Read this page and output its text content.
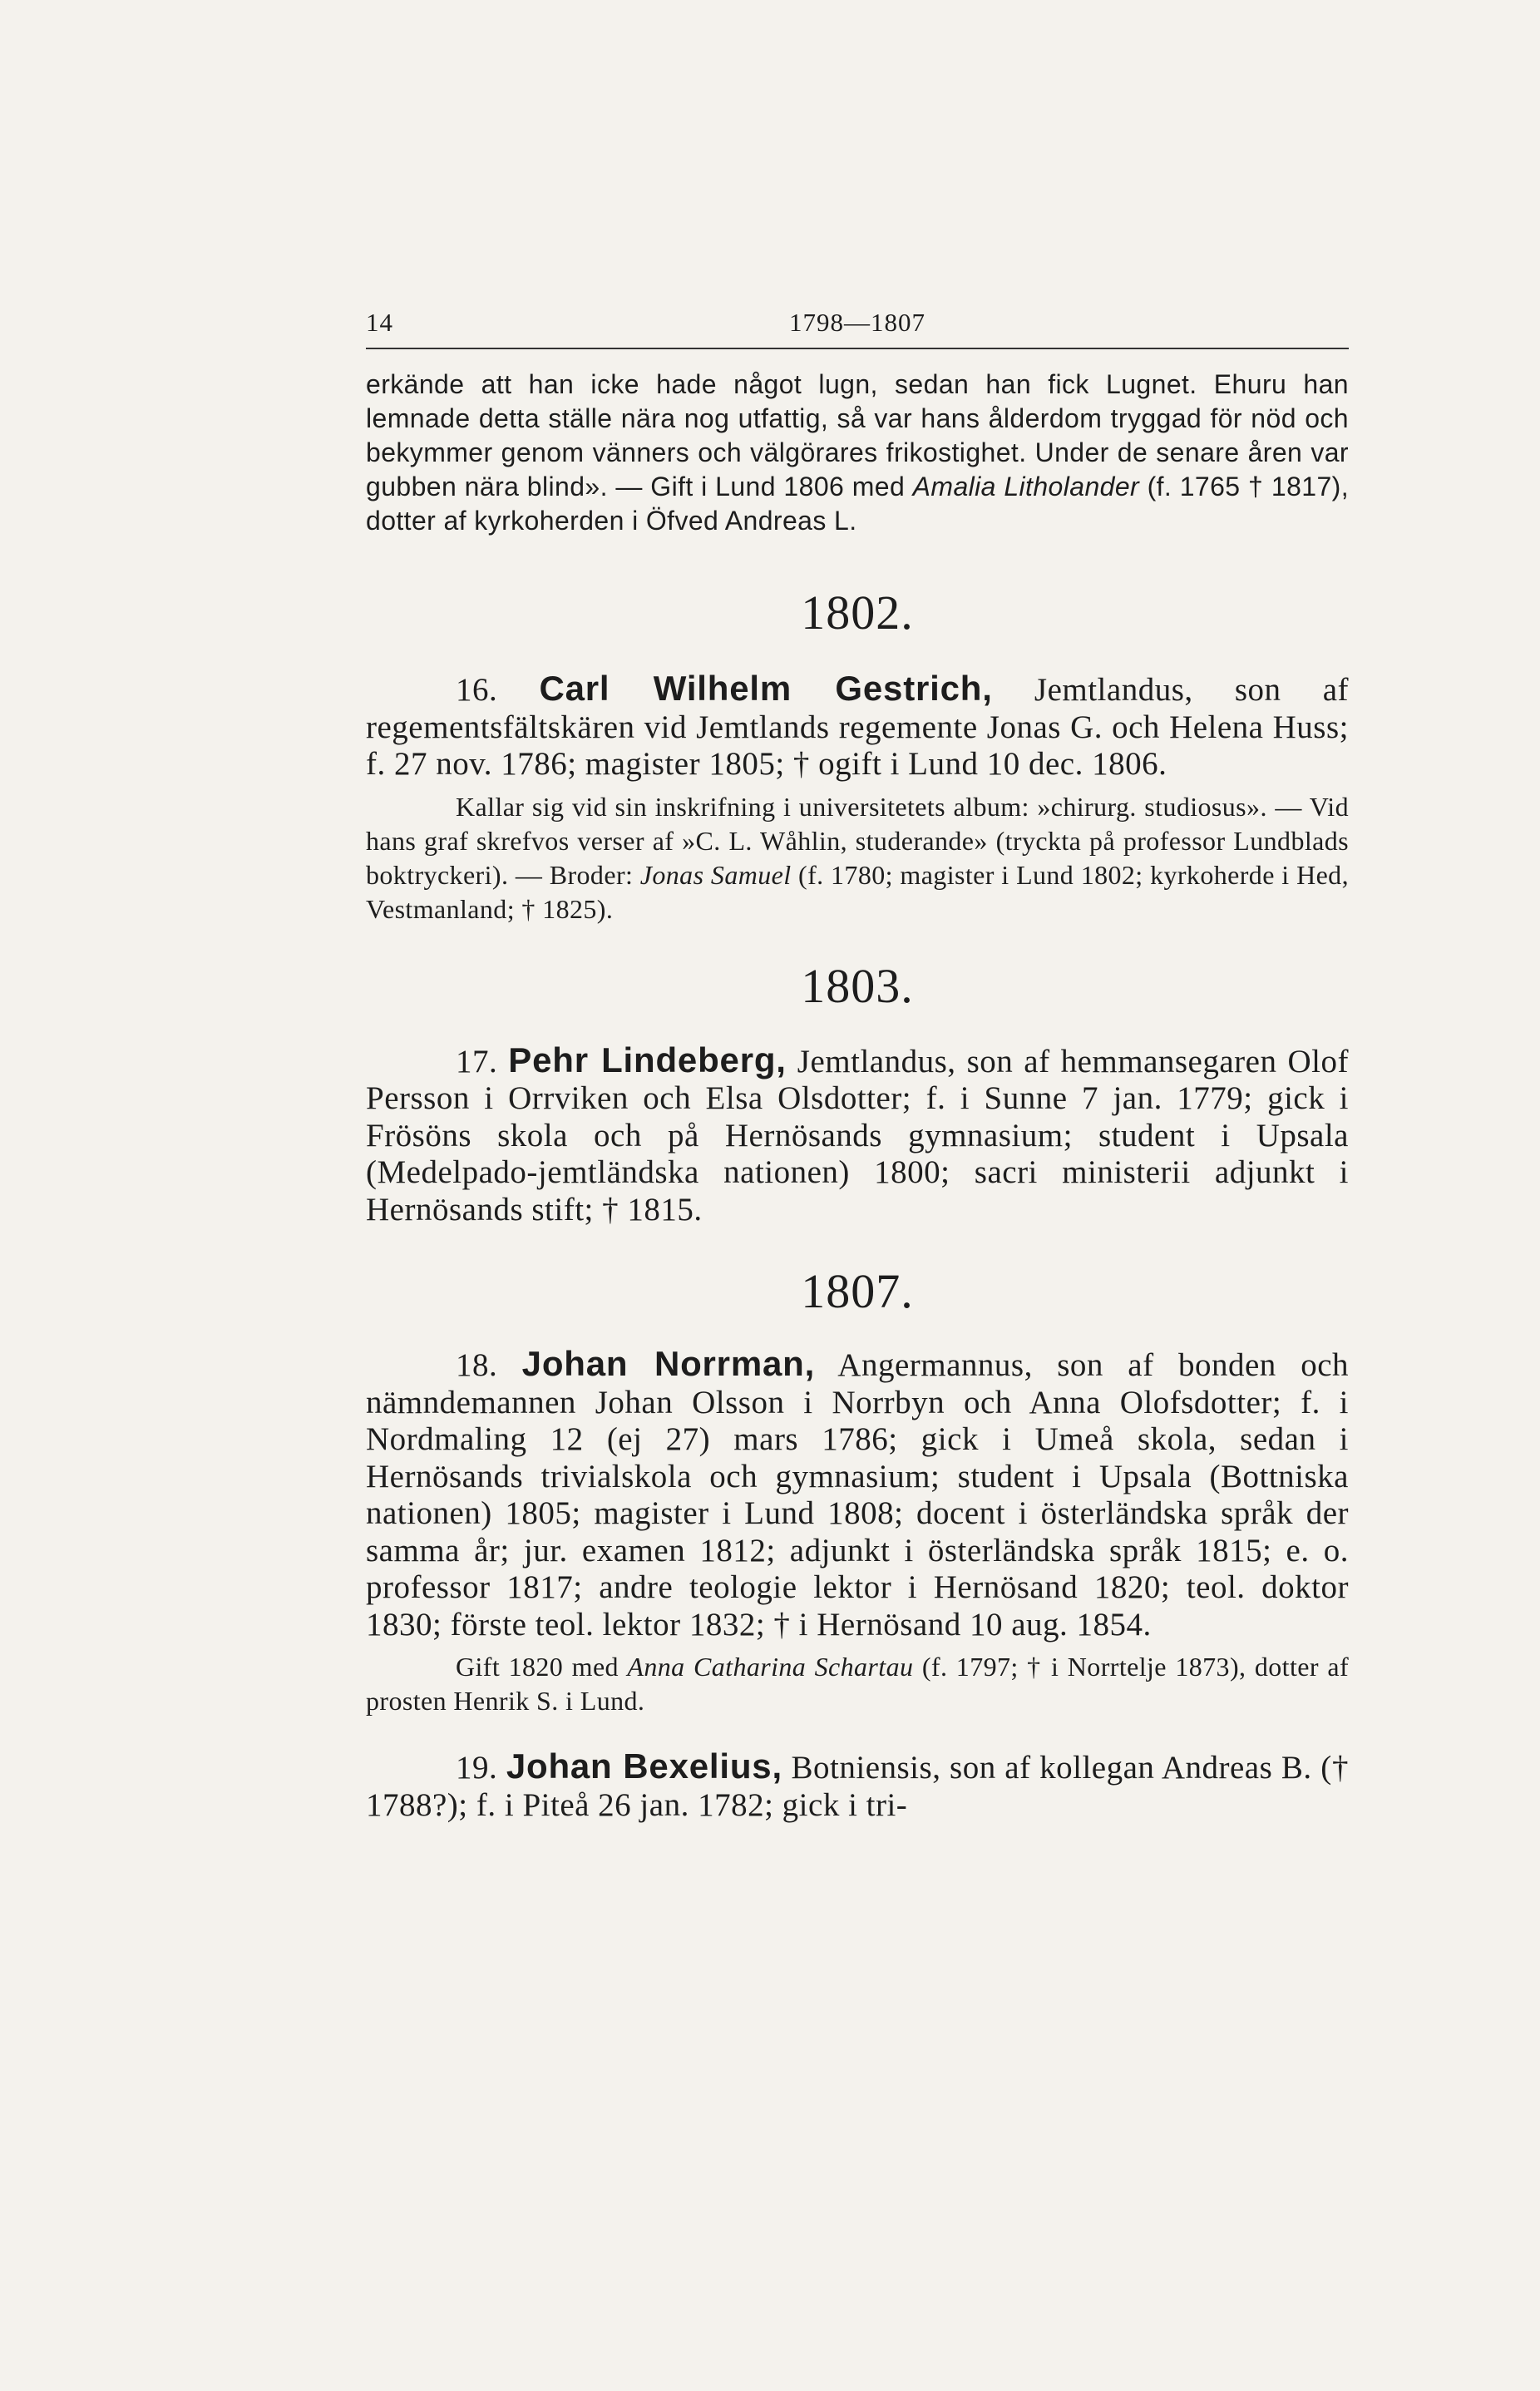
14	1798—1807

erkände att han icke hade något lugn, sedan han fick Lugnet. Ehuru han lemnade detta ställe nära nog utfattig, så var hans ålderdom tryggad för nöd och bekymmer genom vänners och välgörares frikostighet. Under de senare åren var gubben nära blind». — Gift i Lund 1806 med Amalia Litholander (f. 1765 † 1817), dotter af kyrkoherden i Öfved Andreas L.

1802.

16. Carl Wilhelm Gestrich, Jemtlandus, son af regementsfältskären vid Jemtlands regemente Jonas G. och Helena Huss; f. 27 nov. 1786; magister 1805; † ogift i Lund 10 dec. 1806.

Kallar sig vid sin inskrifning i universitetets album: »chirurg. studiosus». — Vid hans graf skrefvos verser af »C. L. Wåhlin, studerande» (tryckta på professor Lundblads boktryckeri). — Broder: Jonas Samuel (f. 1780; magister i Lund 1802; kyrkoherde i Hed, Vestmanland; † 1825).

1803.

17. Pehr Lindeberg, Jemtlandus, son af hemmansegaren Olof Persson i Orrviken och Elsa Olsdotter; f. i Sunne 7 jan. 1779; gick i Frösöns skola och på Hernösands gymnasium; student i Upsala (Medelpado-jemtländska nationen) 1800; sacri ministerii adjunkt i Hernösands stift; † 1815.

1807.

18. Johan Norrman, Angermannus, son af bonden och nämndemannen Johan Olsson i Norrbyn och Anna Olofsdotter; f. i Nordmaling 12 (ej 27) mars 1786; gick i Umeå skola, sedan i Hernösands trivialskola och gymnasium; student i Upsala (Bottniska nationen) 1805; magister i Lund 1808; docent i österländska språk der samma år; jur. examen 1812; adjunkt i österländska språk 1815; e. o. professor 1817; andre teologie lektor i Hernösand 1820; teol. doktor 1830; förste teol. lektor 1832; † i Hernösand 10 aug. 1854.

Gift 1820 med Anna Catharina Schartau (f. 1797; † i Norrtelje 1873), dotter af prosten Henrik S. i Lund.

19. Johan Bexelius, Botniensis, son af kollegan Andreas B. († 1788?); f. i Piteå 26 jan. 1782; gick i tri-
